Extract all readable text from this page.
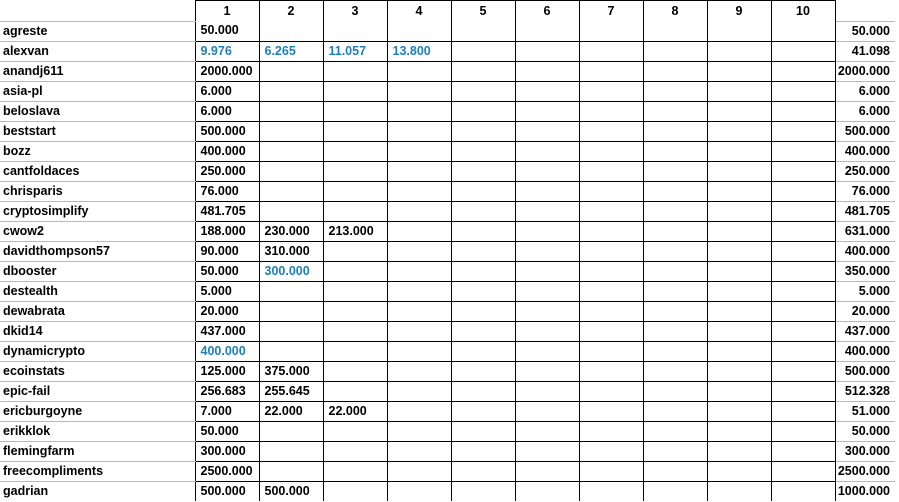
	1	2	3	4	5	6	7	8	9	10	
agreste	50.000										50.000
alexvan	9.976	6.265	11.057	13.800							41.098
anandj611	2000.000										2000.000
asia-pl	6.000										6.000
beloslava	6.000										6.000
beststart	500.000										500.000
bozz	400.000										400.000
cantfoldaces	250.000										250.000
chrisparis	76.000										76.000
cryptosimplify	481.705										481.705
cwow2	188.000	230.000	213.000								631.000
davidthompson57	90.000	310.000									400.000
dbooster	50.000	300.000									350.000
destealth	5.000										5.000
dewabrata	20.000										20.000
dkid14	437.000										437.000
dynamicrypto	400.000										400.000
ecoinstats	125.000	375.000									500.000
epic-fail	256.683	255.645									512.328
ericburgoyne	7.000	22.000	22.000								51.000
erikklok	50.000										50.000
flemingfarm	300.000										300.000
freecompliments	2500.000										2500.000
gadrian	500.000	500.000									1000.000
